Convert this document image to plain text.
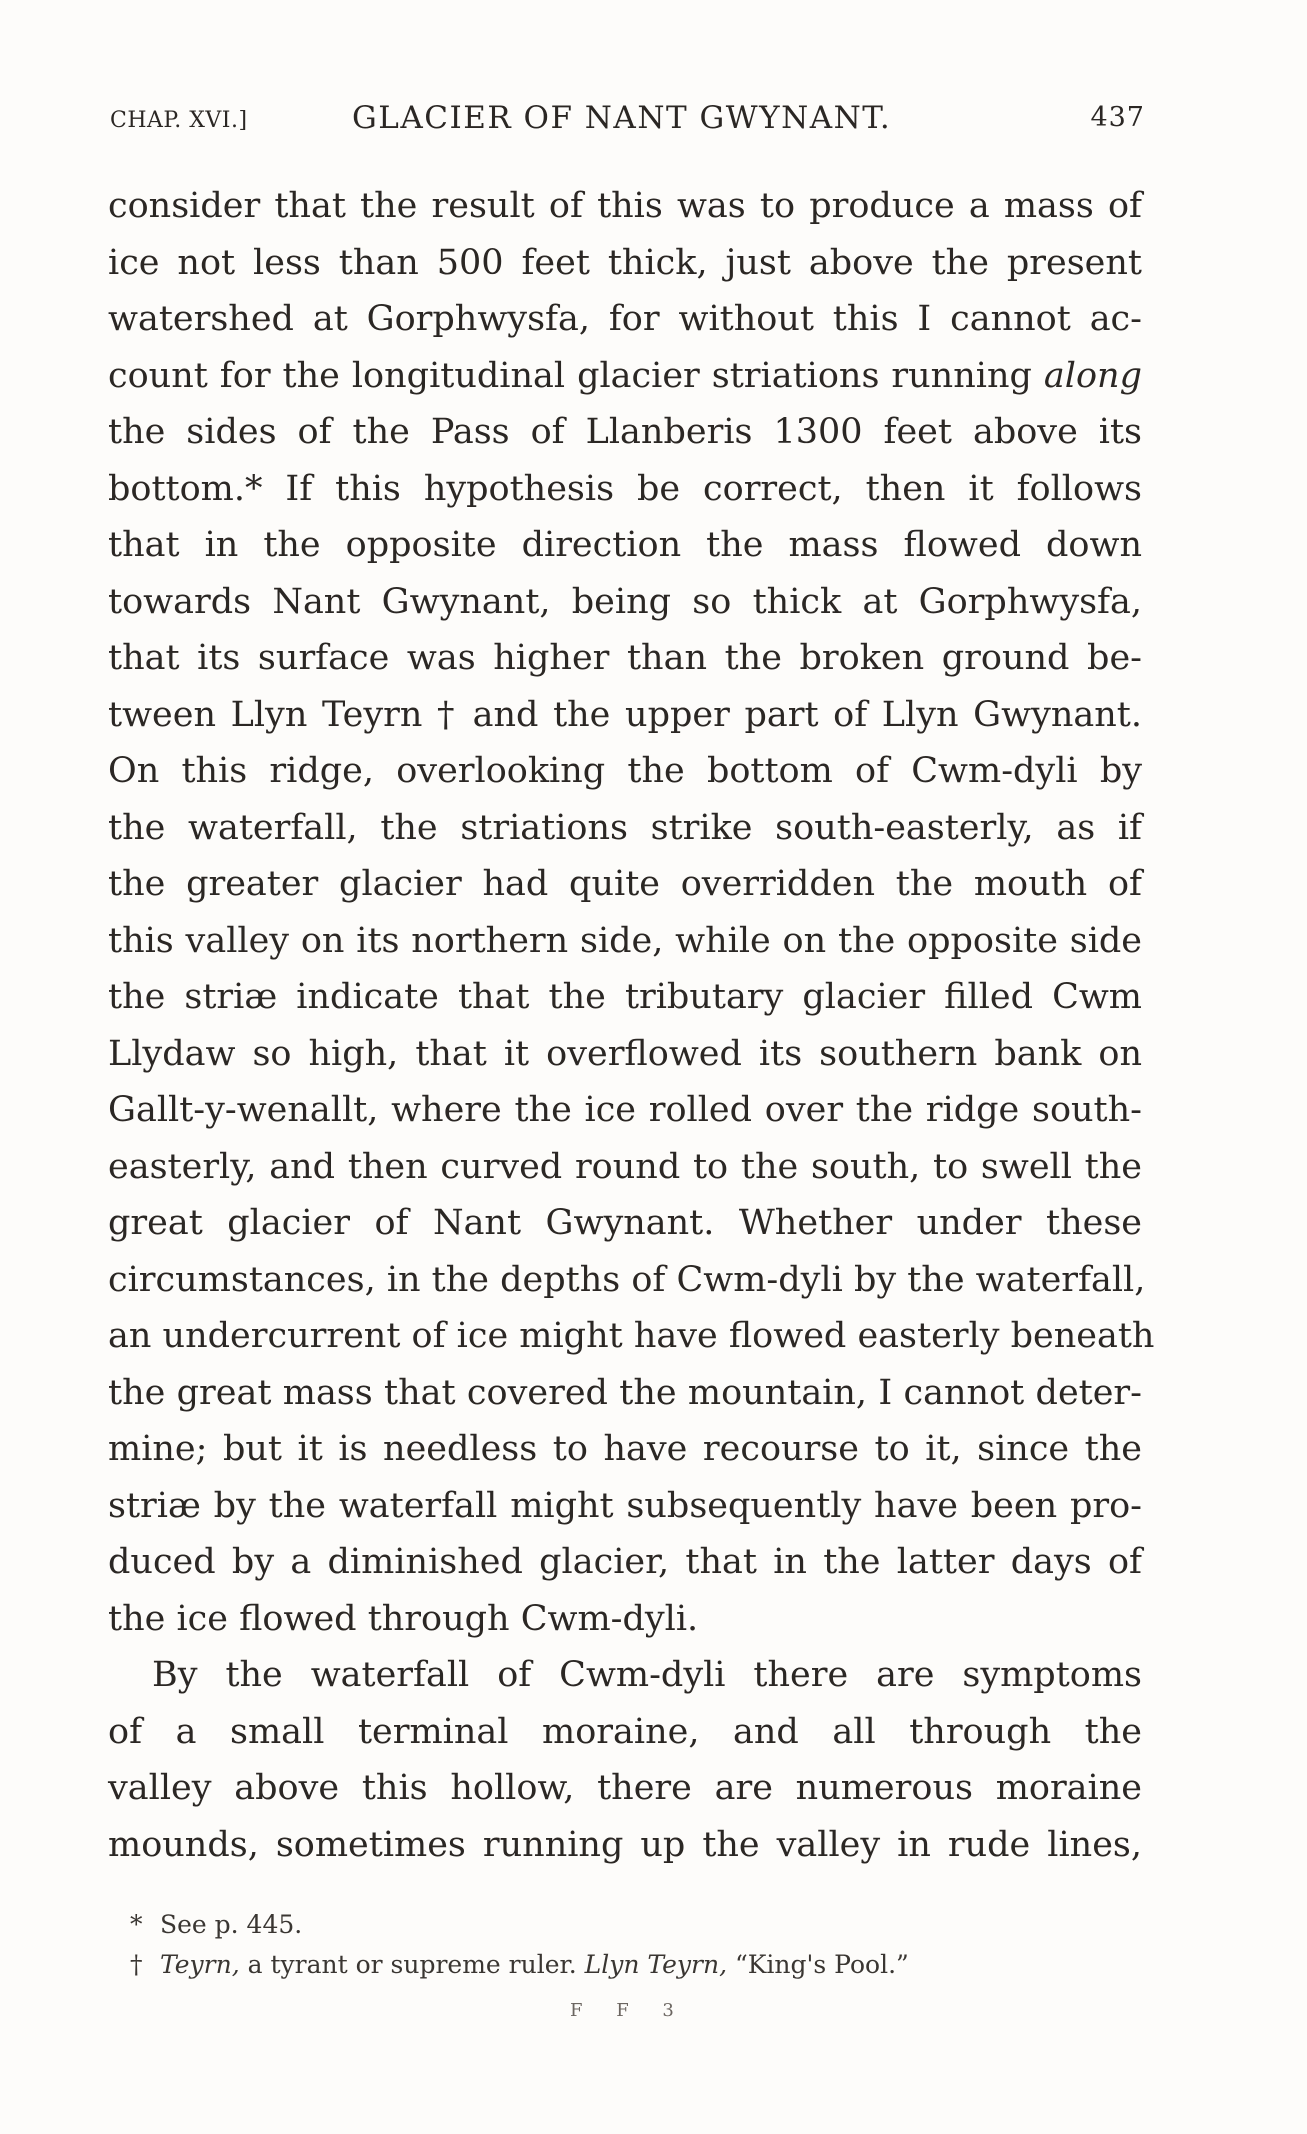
CHAP. XVI.]	GLACIER OF NANT GWYNANT.	437
consider that the result of this was to produce a mass of
ice not less than 500 feet thick, just above the present
watershed at Gorphwysfa, for without this I cannot ac-
count for the longitudinal glacier striations running along
the sides of the Pass of Llanberis 1300 feet above its
bottom.* If this hypothesis be correct, then it follows
that in the opposite direction the mass flowed down
towards Nant Gwynant, being so thick at Gorphwysfa,
that its surface was higher than the broken ground be-
tween Llyn Teyrn † and the upper part of Llyn Gwynant.
On this ridge, overlooking the bottom of Cwm-dyli by
the waterfall, the striations strike south-easterly, as if
the greater glacier had quite overridden the mouth of
this valley on its northern side, while on the opposite side
the striæ indicate that the tributary glacier filled Cwm
Llydaw so high, that it overflowed its southern bank on
Gallt-y-wenallt, where the ice rolled over the ridge south-
easterly, and then curved round to the south, to swell the
great glacier of Nant Gwynant. Whether under these
circumstances, in the depths of Cwm-dyli by the waterfall,
an undercurrent of ice might have flowed easterly beneath
the great mass that covered the mountain, I cannot deter-
mine; but it is needless to have recourse to it, since the
striæ by the waterfall might subsequently have been pro-
duced by a diminished glacier, that in the latter days of
the ice flowed through Cwm-dyli.
By the waterfall of Cwm-dyli there are symptoms
of a small terminal moraine, and all through the
valley above this hollow, there are numerous moraine
mounds, sometimes running up the valley in rude lines,
* See p. 445.
† Teyrn, a tyrant or supreme ruler. Llyn Teyrn, “King's Pool.”
F F 3
